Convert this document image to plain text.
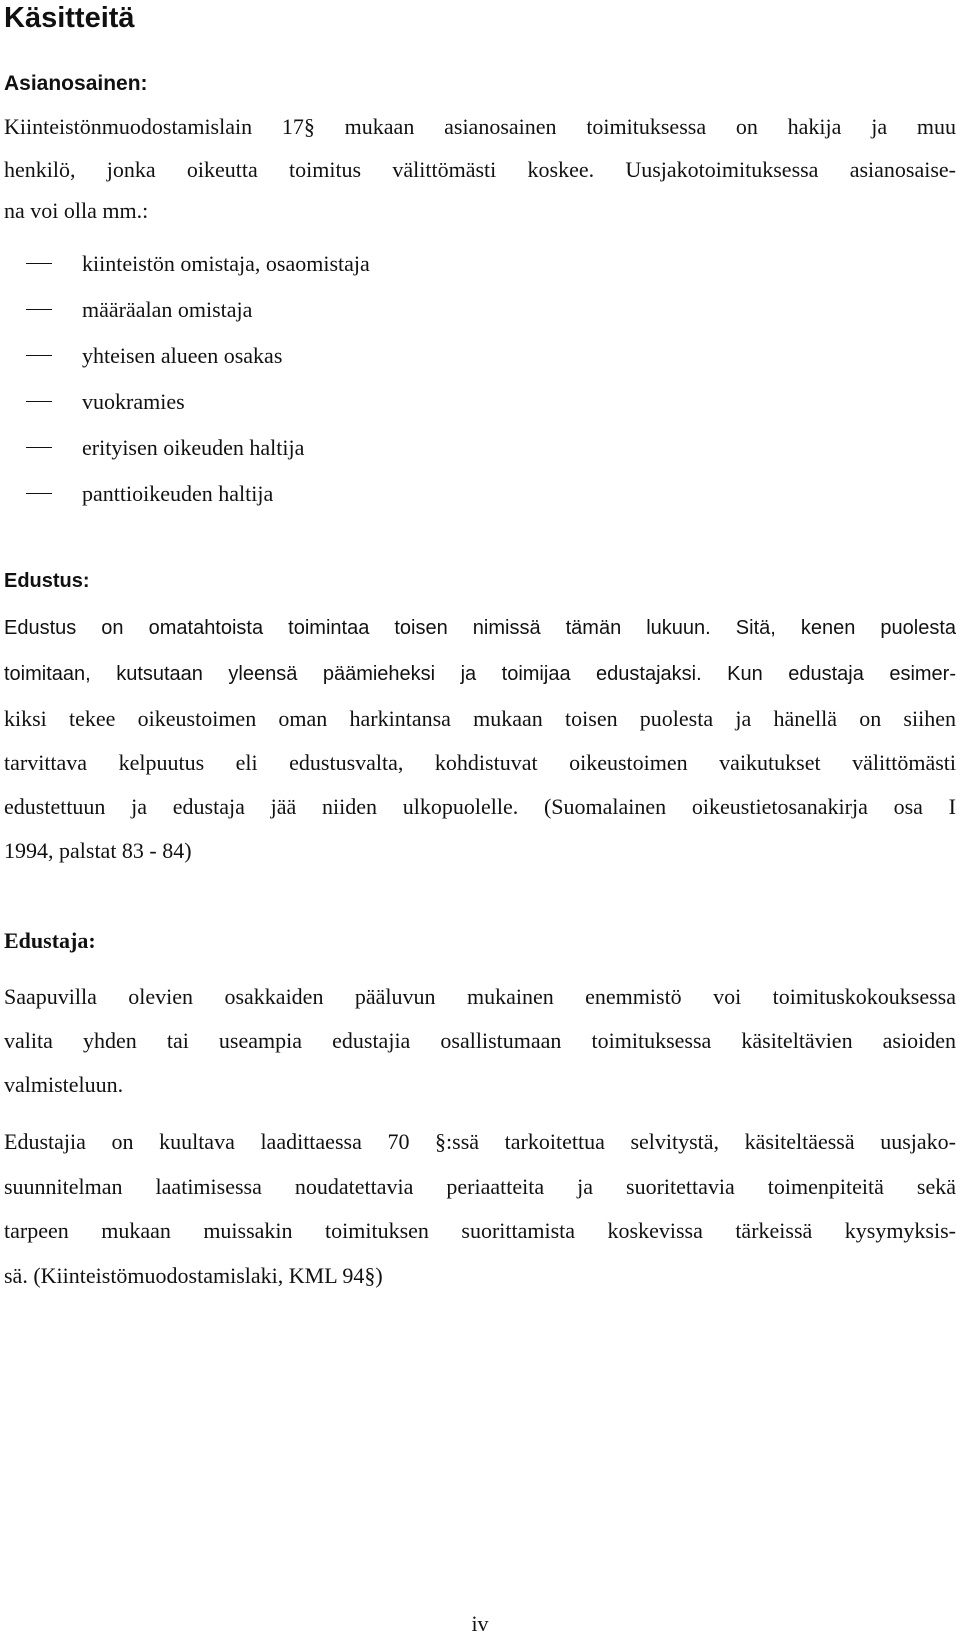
Käsitteitä
Asianosainen:
Kiinteistönmuodostamislain 17§ mukaan asianosainen toimituksessa on hakija ja muu
henkilö, jonka oikeutta toimitus välittömästi koskee. Uusjakotoimituksessa asianosaise-
na voi olla mm.:
kiinteistön omistaja, osaomistaja
määräalan omistaja
yhteisen alueen osakas
vuokramies
erityisen oikeuden haltija
panttioikeuden haltija
Edustus:
Edustus on omatahtoista toimintaa toisen nimissä tämän lukuun. Sitä, kenen puolesta
toimitaan, kutsutaan yleensä päämieheksi ja toimijaa edustajaksi. Kun edustaja esimer-
kiksi tekee oikeustoimen oman harkintansa mukaan toisen puolesta ja hänellä on siihen
tarvittava kelpuutus eli edustusvalta, kohdistuvat oikeustoimen vaikutukset välittömästi
edustettuun ja edustaja jää niiden ulkopuolelle. (Suomalainen oikeustietosanakirja osa I
1994, palstat 83 - 84)
Edustaja:
Saapuvilla olevien osakkaiden pääluvun mukainen enemmistö voi toimituskokouksessa
valita yhden tai useampia edustajia osallistumaan toimituksessa käsiteltävien asioiden
valmisteluun.
Edustajia on kuultava laadittaessa 70 §:ssä tarkoitettua selvitystä, käsiteltäessä uusjako-
suunnitelman laatimisessa noudatettavia periaatteita ja suoritettavia toimenpiteitä sekä
tarpeen mukaan muissakin toimituksen suorittamista koskevissa tärkeissä kysymyksis-
sä. (Kiinteistömuodostamislaki, KML 94§)
iv
